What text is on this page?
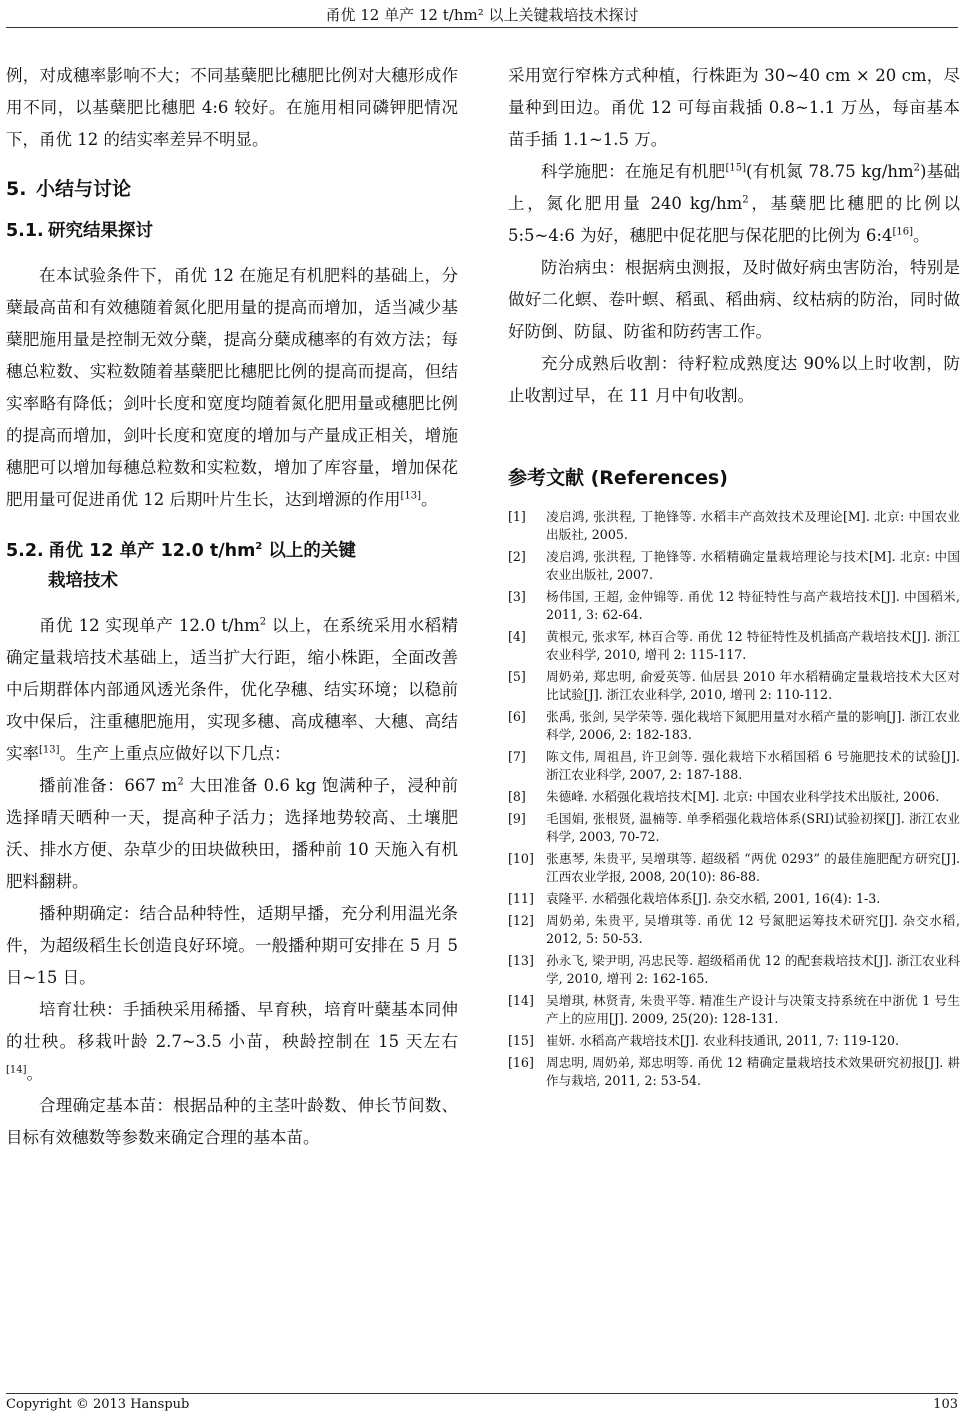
甬优 12 单产 12 t/hm² 以上关键栽培技术探讨

例，对成穗率影响不大；不同基蘖肥比穗肥比例对大穗形成作用不同，以基蘖肥比穗肥 4:6 较好。在施用相同磷钾肥情况下，甬优 12 的结实率差异不明显。

5. 小结与讨论
5.1. 研究结果探讨

在本试验条件下，甬优 12 在施足有机肥料的基础上，分蘖最高苗和有效穗随着氮化肥用量的提高而增加，适当减少基蘖肥施用量是控制无效分蘖，提高分蘖成穗率的有效方法；每穗总粒数、实粒数随着基蘖肥比穗肥比例的提高而提高，但结实率略有降低；剑叶长度和宽度均随着氮化肥用量或穗肥比例的提高而增加，剑叶长度和宽度的增加与产量成正相关，增施穗肥可以增加每穗总粒数和实粒数，增加了库容量，增加保花肥用量可促进甬优 12 后期叶片生长，达到增源的作用[13]。

5.2. 甬优 12 单产 12.0 $t/hm^2$ 以上的关键
栽培技术

甬优 12 实现单产 12.0 $t/hm^2$ 以上，在系统采用水稻精确定量栽培技术基础上，适当扩大行距，缩小株距，全面改善中后期群体内部通风透光条件，优化孕穗、结实环境；以稳前攻中保后，注重穗肥施用，实现多穗、高成穗率、大穗、高结实率[13]。生产上重点应做好以下几点：

播前准备：667 $m^2$ 大田准备 0.6 kg 饱满种子，浸种前选择晴天晒种一天，提高种子活力；选择地势较高、土壤肥沃、排水方便、杂草少的田块做秧田，播种前 10 天施入有机肥料翻耕。

播种期确定：结合品种特性，适期早播，充分利用温光条件，为超级稻生长创造良好环境。一般播种期可安排在 5 月 5 日~15 日。

培育壮秧：手插秧采用稀播、早育秧，培育叶蘖基本同伸的壮秧。移栽叶龄 2.7~3.5 小苗，秧龄控制在 15 天左右[14]。

合理确定基本苗：根据品种的主茎叶龄数、伸长节间数、目标有效穗数等参数来确定合理的基本苗。

采用宽行窄株方式种植，行株距为 30~40 cm × 20 cm，尽量种到田边。甬优 12 可每亩栽插 0.8~1.1 万丛，每亩基本苗手插 1.1~1.5 万。

科学施肥：在施足有机肥[15](有机氮 78.75 $kg/hm^2$)基础上，氮化肥用量 240 $kg/hm^2$，基蘖肥比穗肥的比例以 5:5~4:6 为好，穗肥中促花肥与保花肥的比例为 6:4[16]。

防治病虫：根据病虫测报，及时做好病虫害防治，特别是做好二化螟、卷叶螟、稻虱、稻曲病、纹枯病的防治，同时做好防倒、防鼠、防雀和防药害工作。

充分成熟后收割：待籽粒成熟度达 90%以上时收割，防止收割过早，在 11 月中旬收割。

参考文献 (References)
[1]	凌启鸿, 张洪程, 丁艳锋等. 水稻丰产高效技术及理论[M]. 北京: 中国农业出版社, 2005.
[2]	凌启鸿, 张洪程, 丁艳锋等. 水稻精确定量栽培理论与技术[M]. 北京: 中国农业出版社, 2007.
[3]	杨伟国, 王超, 金仲锦等. 甬优 12 特征特性与高产栽培技术[J]. 中国稻米, 2011, 3: 62-64.
[4]	黄根元, 张求军, 林百合等. 甬优 12 特征特性及机插高产栽培技术[J]. 浙江农业科学, 2010, 增刊 2: 115-117.
[5]	周奶弟, 郑忠明, 俞爱英等. 仙居县 2010 年水稻精确定量栽培技术大区对比试验[J]. 浙江农业科学, 2010, 增刊 2: 110-112.
[6]	张禹, 张剑, 吴学荣等. 强化栽培下氮肥用量对水稻产量的影响[J]. 浙江农业科学, 2006, 2: 182-183.
[7]	陈文伟, 周祖昌, 许卫剑等. 强化栽培下水稻国稻 6 号施肥技术的试验[J]. 浙江农业科学, 2007, 2: 187-188.
[8]	朱德峰. 水稻强化栽培技术[M]. 北京: 中国农业科学技术出版社, 2006.
[9]	毛国娟, 张根贤, 温楠等. 单季稻强化栽培体系(SRI)试验初探[J]. 浙江农业科学, 2003, 70-72.
[10] 张惠琴, 朱贵平, 吴增琪等. 超级稻 “两优 0293” 的最佳施肥配方研究[J]. 江西农业学报, 2008, 20(10): 86-88.
[11] 袁隆平. 水稻强化栽培体系[J]. 杂交水稻, 2001, 16(4): 1-3.
[12] 周奶弟, 朱贵平, 吴增琪等. 甬优 12 号氮肥运筹技术研究[J]. 杂交水稻, 2012, 5: 50-53.
[13] 孙永飞, 梁尹明, 冯忠民等. 超级稻甬优 12 的配套栽培技术[J]. 浙江农业科学, 2010, 增刊 2: 162-165.
[14] 吴增琪, 林贤青, 朱贵平等. 精准生产设计与决策支持系统在中浙优 1 号生产上的应用[J]. 2009, 25(20): 128-131.
[15] 崔妍. 水稻高产栽培技术[J]. 农业科技通讯, 2011, 7: 119-120.
[16] 周忠明, 周奶弟, 郑忠明等. 甬优 12 精确定量栽培技术效果研究初报[J]. 耕作与栽培, 2011, 2: 53-54.
Copyright © 2013 Hanspub	103
